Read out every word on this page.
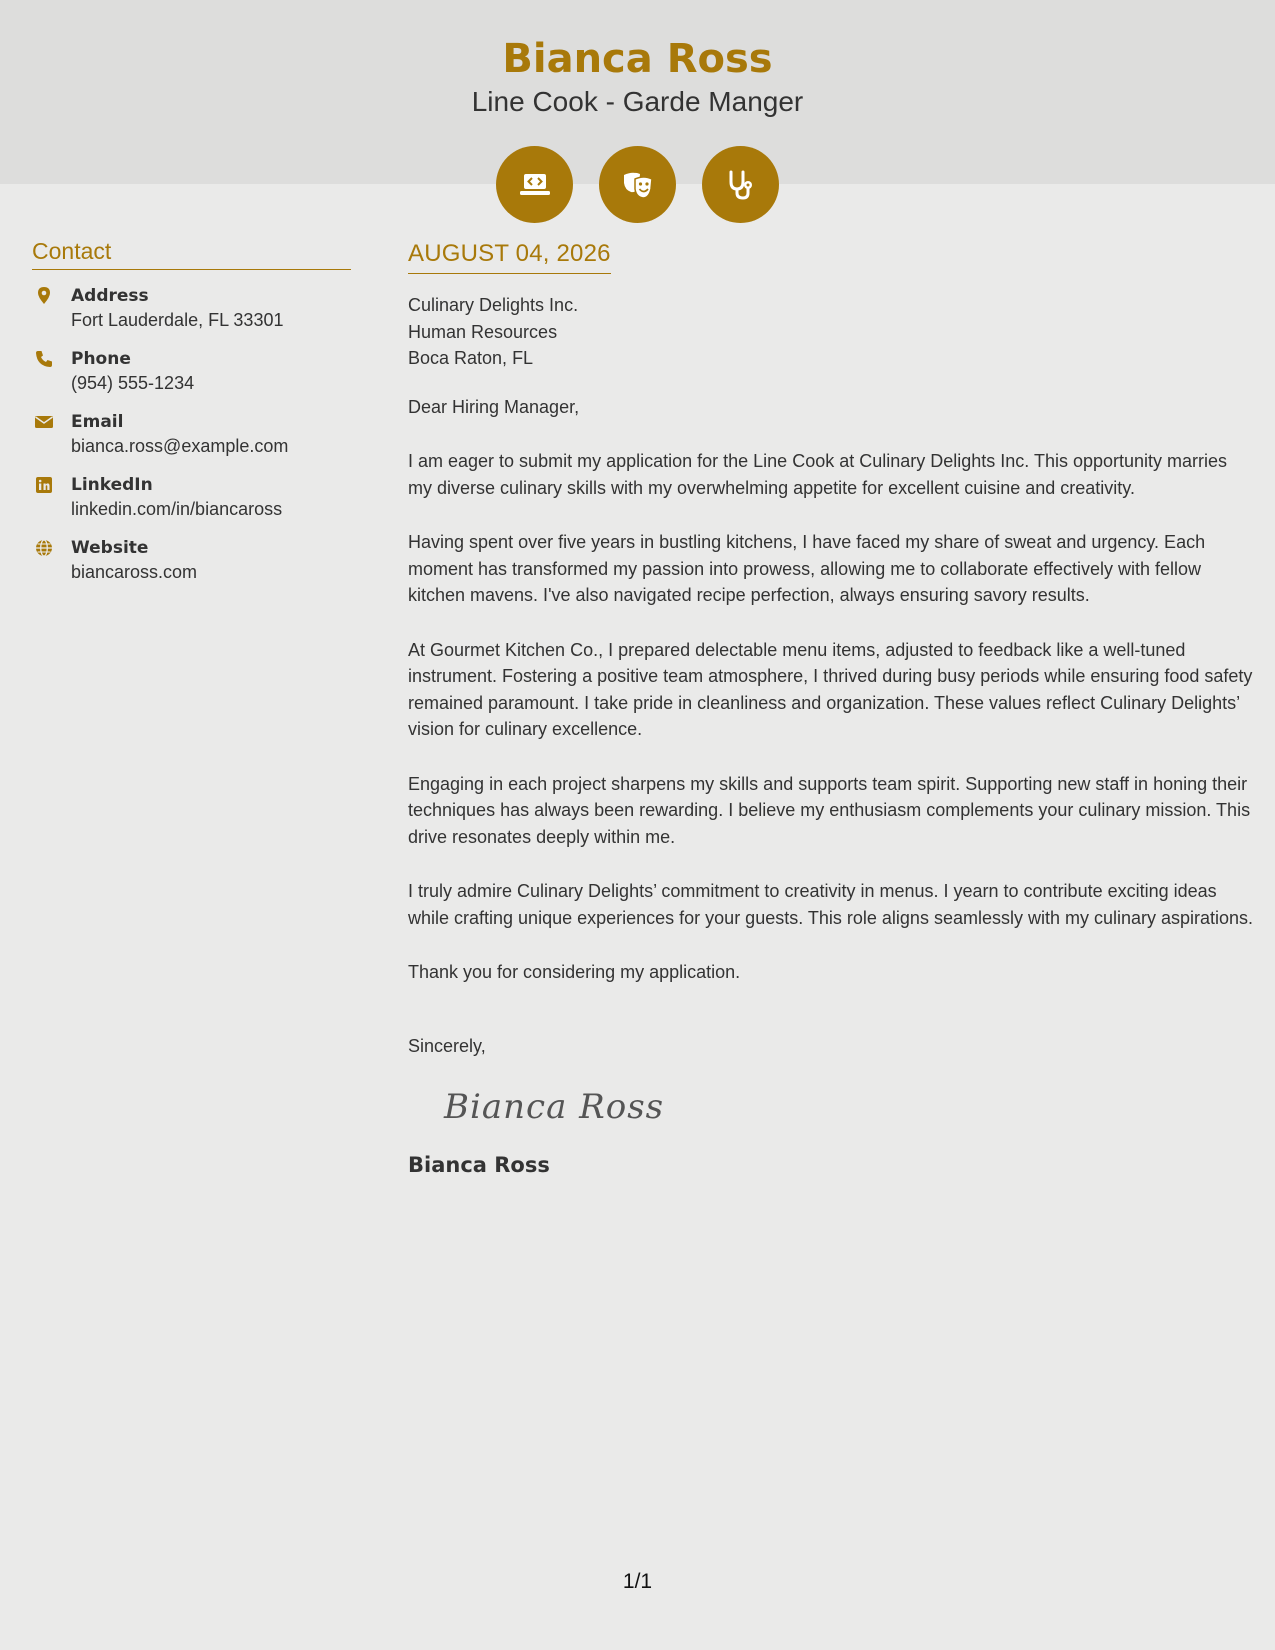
Bianca Ross
Line Cook - Garde Manger
Contact
Address
Fort Lauderdale, FL 33301
Phone
(954) 555-1234
Email
bianca.ross@example.com
LinkedIn
linkedin.com/in/biancaross
Website
biancaross.com
AUGUST 04, 2026
Culinary Delights Inc.
Human Resources
Boca Raton, FL
Dear Hiring Manager,
I am eager to submit my application for the Line Cook at Culinary Delights Inc. This opportunity marries my diverse culinary skills with my overwhelming appetite for excellent cuisine and creativity.
Having spent over five years in bustling kitchens, I have faced my share of sweat and urgency. Each moment has transformed my passion into prowess, allowing me to collaborate effectively with fellow kitchen mavens. I've also navigated recipe perfection, always ensuring savory results.
At Gourmet Kitchen Co., I prepared delectable menu items, adjusted to feedback like a well-tuned instrument. Fostering a positive team atmosphere, I thrived during busy periods while ensuring food safety remained paramount. I take pride in cleanliness and organization. These values reflect Culinary Delights’ vision for culinary excellence.
Engaging in each project sharpens my skills and supports team spirit. Supporting new staff in honing their techniques has always been rewarding. I believe my enthusiasm complements your culinary mission. This drive resonates deeply within me.
I truly admire Culinary Delights’ commitment to creativity in menus. I yearn to contribute exciting ideas while crafting unique experiences for your guests. This role aligns seamlessly with my culinary aspirations.
Thank you for considering my application.
Sincerely,
Bianca Ross
Bianca Ross
1/1
